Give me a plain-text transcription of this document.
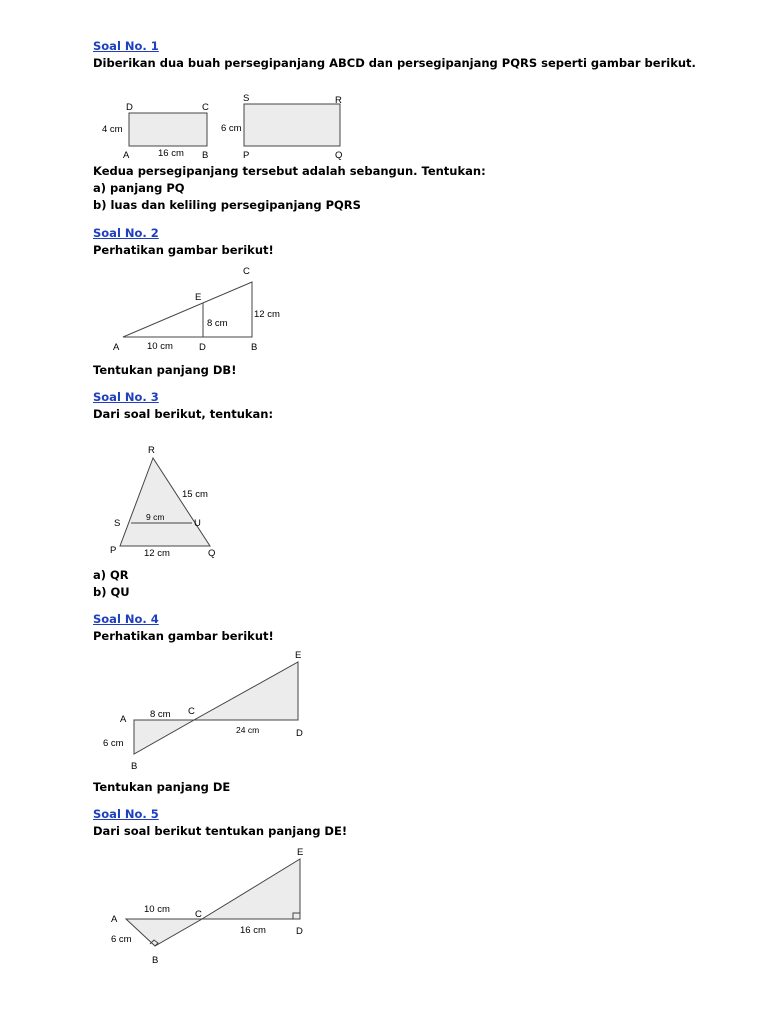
Soal No. 1
Diberikan dua buah persegipanjang ABCD dan persegipanjang PQRS seperti gambar berikut.
D	C
A	B
4 cm
16 cm
S	R
P	Q
6 cm
Kedua persegipanjang tersebut adalah sebangun. Tentukan:
a) panjang PQ
b) luas dan keliling persegipanjang PQRS
Soal No. 2
Perhatikan gambar berikut!
C
E
A	D	B
10 cm
8 cm
12 cm
Tentukan panjang DB!
Soal No. 3
Dari soal berikut, tentukan:
R
S	U
P	Q
15 cm
9 cm
12 cm
a) QR
b) QU
Soal No. 4
Perhatikan gambar berikut!
E
A
C
D
B
8 cm
24 cm
6 cm
Tentukan panjang DE
Soal No. 5
Dari soal berikut tentukan panjang DE!
E
A	C
D
B
10 cm
16 cm
6 cm
